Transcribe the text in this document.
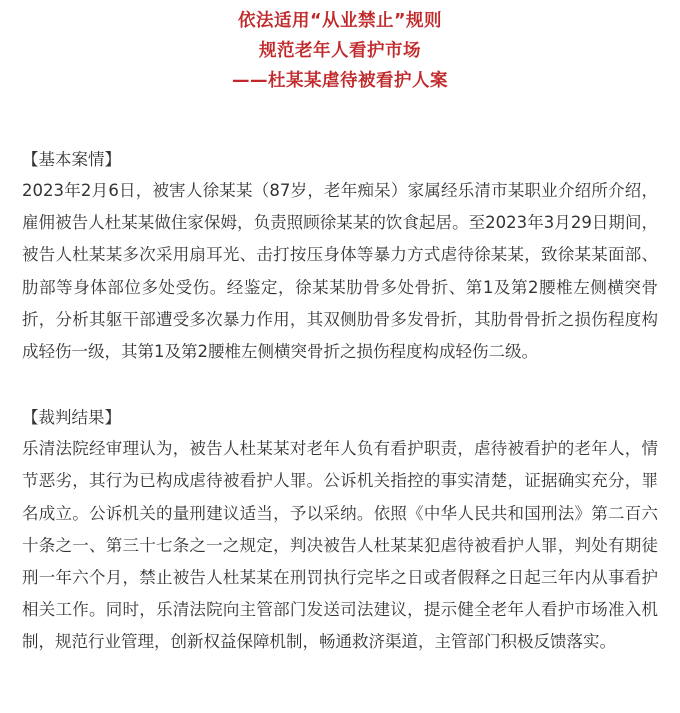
依法适用“从业禁止”规则
规范老年人看护市场
——杜某某虐待被看护人案

【基本案情】

2023年2月6日，被害人徐某某（87岁，老年痴呆）家属经乐清市某职业介绍所介绍，雇佣被告人杜某某做住家保姆，负责照顾徐某某的饮食起居。至2023年3月29日期间，被告人杜某某多次采用扇耳光、击打按压身体等暴力方式虐待徐某某，致徐某某面部、肋部等身体部位多处受伤。经鉴定，徐某某肋骨多处骨折、第1及第2腰椎左侧横突骨折，分析其躯干部遭受多次暴力作用，其双侧肋骨多发骨折，其肋骨骨折之损伤程度构成轻伤一级，其第1及第2腰椎左侧横突骨折之损伤程度构成轻伤二级。

【裁判结果】

乐清法院经审理认为，被告人杜某某对老年人负有看护职责，虐待被看护的老年人，情节恶劣，其行为已构成虐待被看护人罪。公诉机关指控的事实清楚，证据确实充分，罪名成立。公诉机关的量刑建议适当，予以采纳。依照《中华人民共和国刑法》第二百六十条之一、第三十七条之一之规定，判决被告人杜某某犯虐待被看护人罪，判处有期徒刑一年六个月，禁止被告人杜某某在刑罚执行完毕之日或者假释之日起三年内从事看护相关工作。同时，乐清法院向主管部门发送司法建议，提示健全老年人看护市场准入机制，规范行业管理，创新权益保障机制，畅通救济渠道，主管部门积极反馈落实。
